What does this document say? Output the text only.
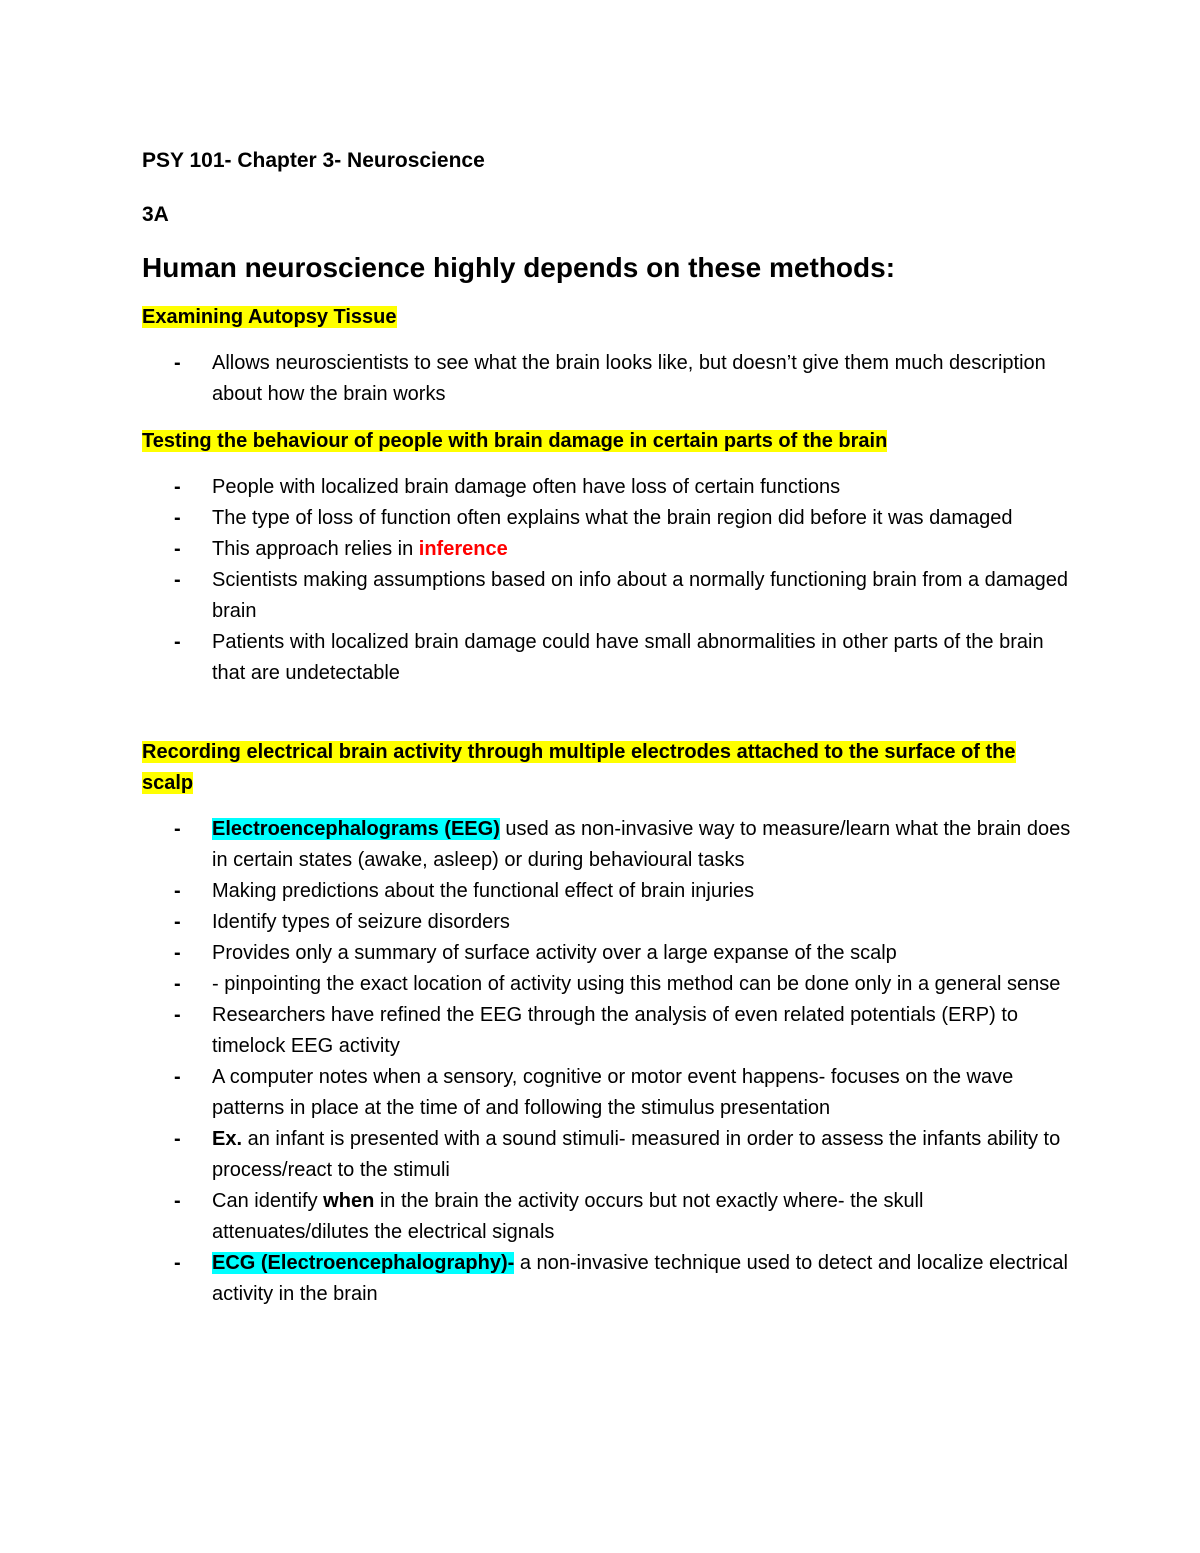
PSY 101- Chapter 3- Neuroscience
3A
Human neuroscience highly depends on these methods:
Examining Autopsy Tissue
- Allows neuroscientists to see what the brain looks like, but doesn’t give them much description about how the brain works
Testing the behaviour of people with brain damage in certain parts of the brain
- People with localized brain damage often have loss of certain functions
- The type of loss of function often explains what the brain region did before it was damaged
- This approach relies in inference
- Scientists making assumptions based on info about a normally functioning brain from a damaged brain
- Patients with localized brain damage could have small abnormalities in other parts of the brain that are undetectable
Recording electrical brain activity through multiple electrodes attached to the surface of the scalp
- Electroencephalograms (EEG) used as non-invasive way to measure/learn what the brain does in certain states (awake, asleep) or during behavioural tasks
- Making predictions about the functional effect of brain injuries
- Identify types of seizure disorders
- Provides only a summary of surface activity over a large expanse of the scalp
- - pinpointing the exact location of activity using this method can be done only in a general sense
- Researchers have refined the EEG through the analysis of even related potentials (ERP) to timelock EEG activity
- A computer notes when a sensory, cognitive or motor event happens- focuses on the wave patterns in place at the time of and following the stimulus presentation
- Ex. an infant is presented with a sound stimuli- measured in order to assess the infants ability to process/react to the stimuli
- Can identify when in the brain the activity occurs but not exactly where- the skull attenuates/dilutes the electrical signals
- ECG (Electroencephalography)- a non-invasive technique used to detect and localize electrical activity in the brain
